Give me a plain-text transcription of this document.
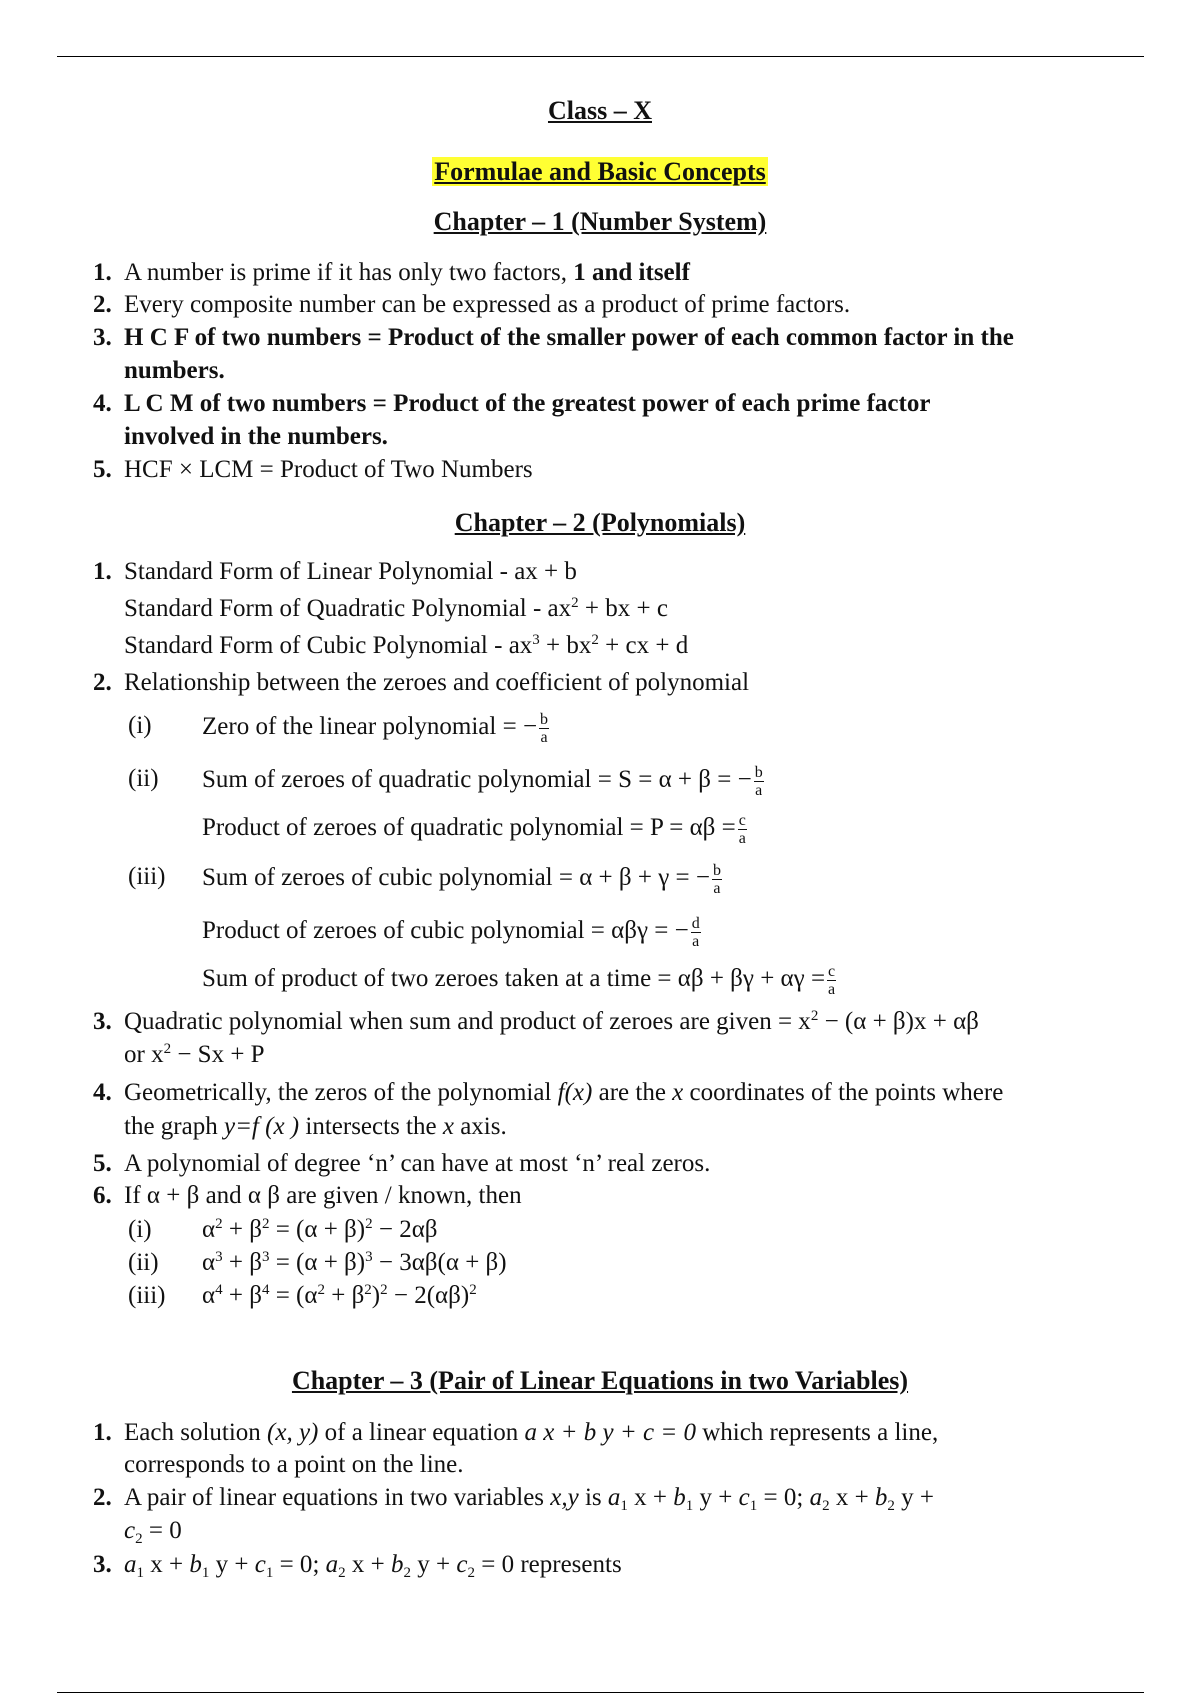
Class – X
Formulae and Basic Concepts
Chapter – 1 (Number System)
1. A number is prime if it has only two factors, 1 and itself
2. Every composite number can be expressed as a product of prime factors.
3. H C F of two numbers = Product of the smaller power of each common factor in the
numbers.
4. L C M of two numbers = Product of the greatest power of each prime factor
involved in the numbers.
5. HCF × LCM = Product of Two Numbers
Chapter – 2 (Polynomials)
1. Standard Form of Linear Polynomial - ax + b
Standard Form of Quadratic Polynomial - $ax^2$ + bx + c
Standard Form of Cubic Polynomial - $ax^3 + bx^2$ + cx + d
2. Relationship between the zeroes and coefficient of polynomial
(i) Zero of the linear polynomial = − $\frac{b}{a}$
(ii) Sum of zeroes of quadratic polynomial = S = α + β = − $\frac{b}{a}$
Product of zeroes of quadratic polynomial = $P = \alpha\beta = \frac{c}{a}$
(iii) Sum of zeroes of cubic polynomial = α + β + γ = − $\frac{b}{a}$
Product of zeroes of cubic polynomial = αβγ = − $\frac{d}{a}$
Sum of product of two zeroes taken at a time = $\alpha\beta + \beta\gamma + \alpha\gamma = \frac{c}{a}$
3. Quadratic polynomial when sum and product of zeroes are given = $x^2 - (\alpha + \beta)x + \alpha\beta$
or $x^2 - Sx + P$
4. Geometrically, the zeros of the polynomial f(x) are the x coordinates of the points where
the graph y=f (x ) intersects the x axis.
5. A polynomial of degree ‘n’ can have at most ‘n’ real zeros.
6. If α + β and α β are given / known, then
(i) $\alpha^2 + \beta^2 = (\alpha + \beta)^2 - 2\alpha\beta$
(ii) $\alpha^3 + \beta^3 = (\alpha + \beta)^3 - 3\alpha\beta(\alpha + \beta)$
(iii) $\alpha^4 + \beta^4 = (\alpha^2 + \beta^2)^2 - 2(\alpha\beta)^2$
Chapter – 3 (Pair of Linear Equations in two Variables)
1. Each solution (x, y) of a linear equation a x + b y + c = 0 which represents a line,
corresponds to a point on the line.
2. A pair of linear equations in two variables x,y is $a_1$ $x + b_1$ $y + c_1 = 0$; $a_2$ $x + b_2$ y +
$c_2 = 0$
3. $a_1$ $x + b_1$ $y + c_1 = 0$; $a_2$ $x + b_2$ $y + c_2 = 0$ represents
